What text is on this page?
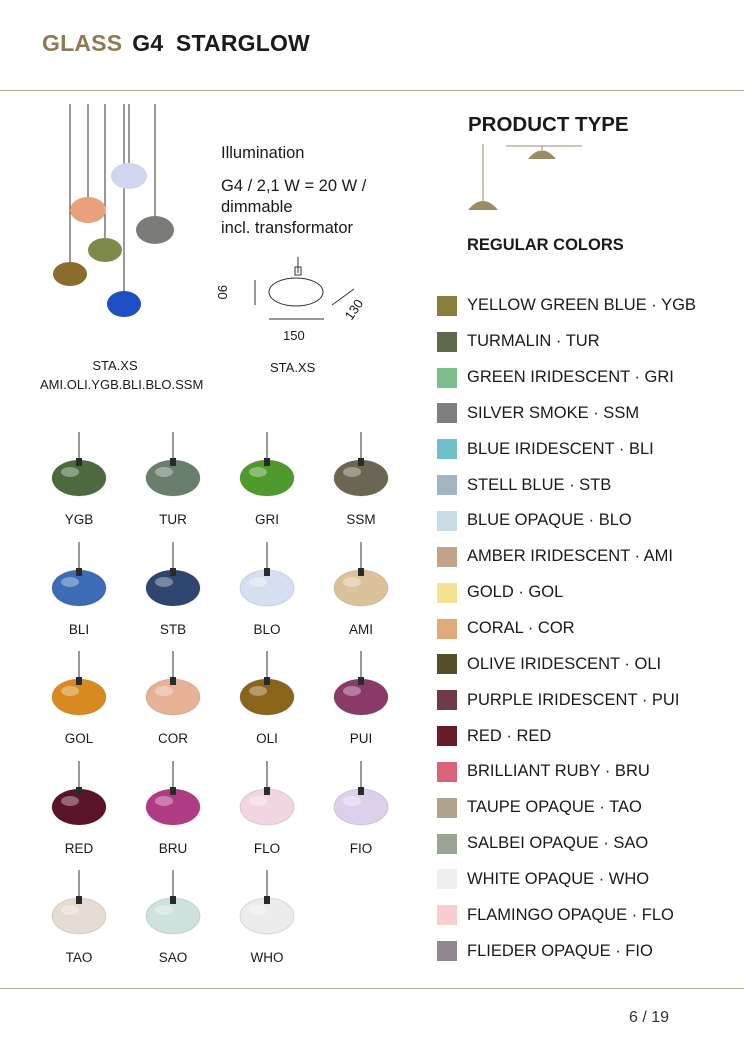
GLASS G4 STARGLOW
STA.XS
AMI.OLI.YGB.BLI.BLO.SSM
Illumination
G4 / 2,1 W = 20 W /
dimmable
incl. transformator
90
150
130
STA.XS
PRODUCT TYPE
REGULAR COLORS
YELLOW GREEN BLUE · YGB
TURMALIN · TUR
GREEN IRIDESCENT · GRI
SILVER SMOKE · SSM
BLUE IRIDESCENT · BLI
STELL BLUE · STB
BLUE OPAQUE · BLO
AMBER IRIDESCENT · AMI
GOLD · GOL
CORAL · COR
OLIVE IRIDESCENT · OLI
PURPLE IRIDESCENT · PUI
RED · RED
BRILLIANT RUBY · BRU
TAUPE OPAQUE · TAO
SALBEI OPAQUE · SAO
WHITE OPAQUE · WHO
FLAMINGO OPAQUE · FLO
FLIEDER OPAQUE · FIO
YGB	TUR	GRI	SSM
BLI	STB	BLO	AMI
GOL	COR	OLI	PUI
RED	BRU	FLO	FIO
TAO	SAO	WHO
6 / 19
